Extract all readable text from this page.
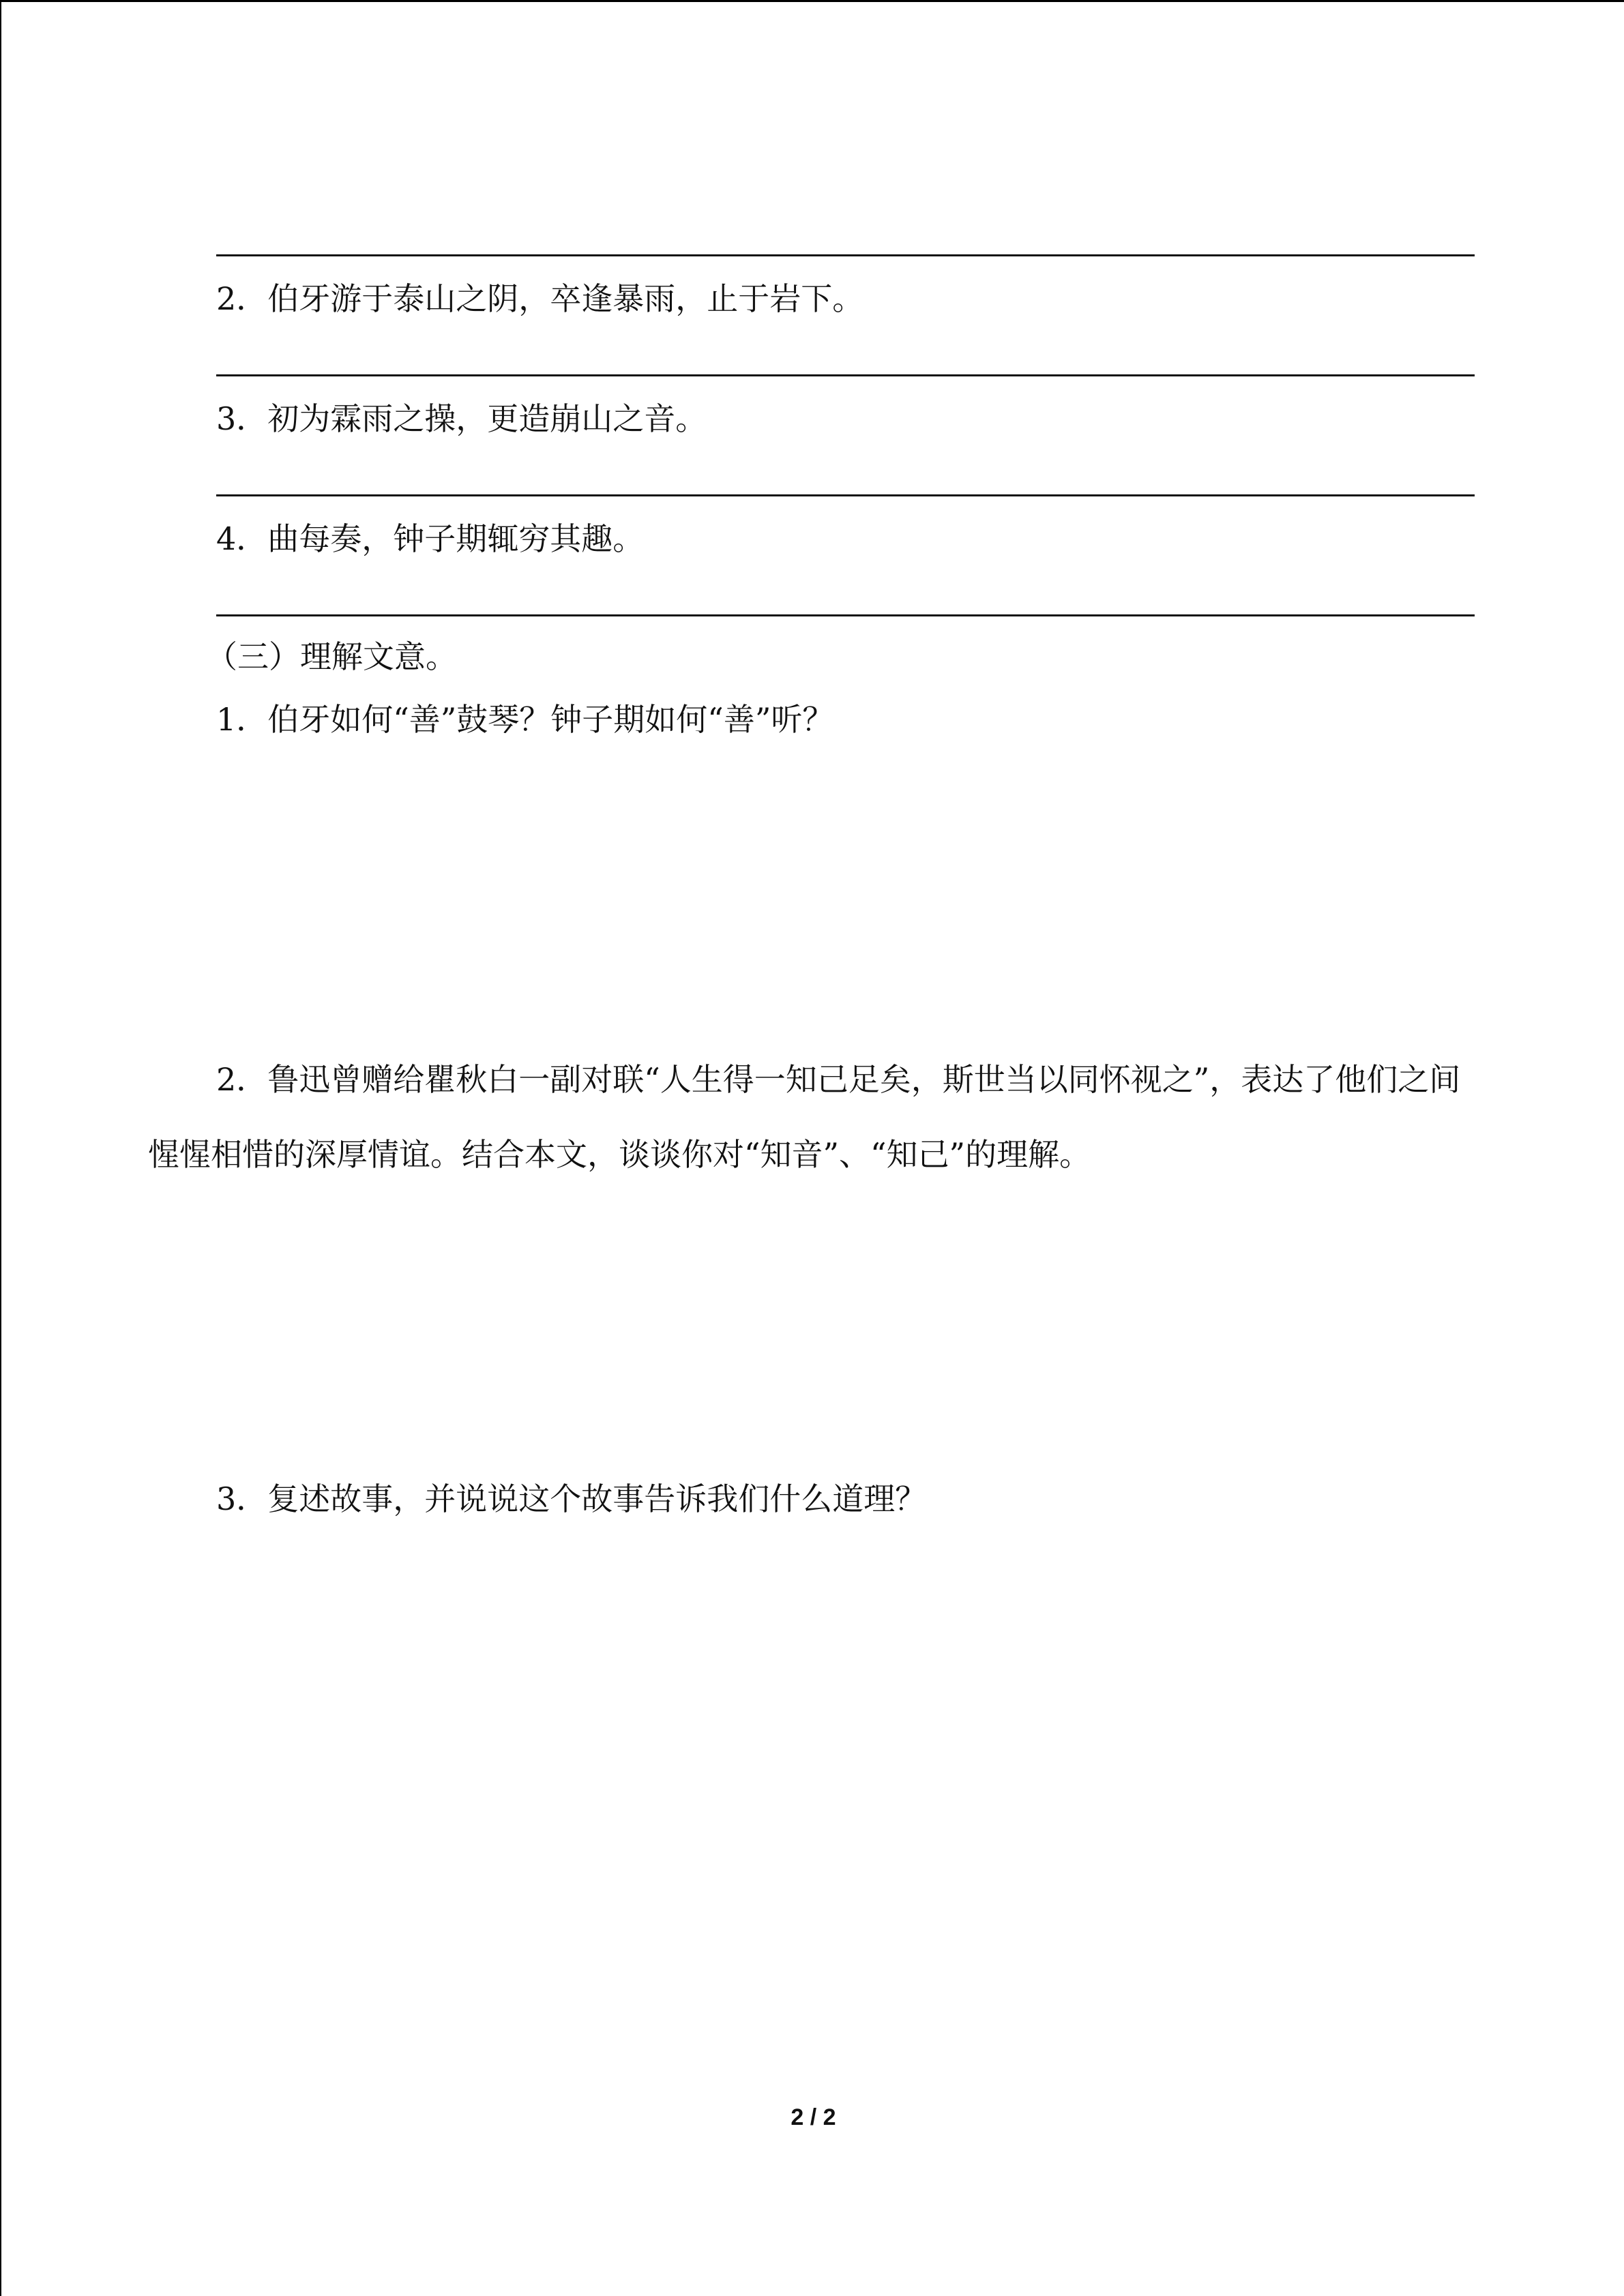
2．伯牙游于泰山之阴，卒逢暴雨，止于岩下。
3．初为霖雨之操，更造崩山之音。
4．曲每奏，钟子期辄穷其趣。
（三）理解文意。
1．伯牙如何“善”鼓琴？钟子期如何“善”听？
2．鲁迅曾赠给瞿秋白一副对联“人生得一知己足矣，斯世当以同怀视之”，表达了他们之间惺惺相惜的深厚情谊。结合本文，谈谈你对“知音”、“知己”的理解。
3．复述故事，并说说这个故事告诉我们什么道理？
2 / 2
